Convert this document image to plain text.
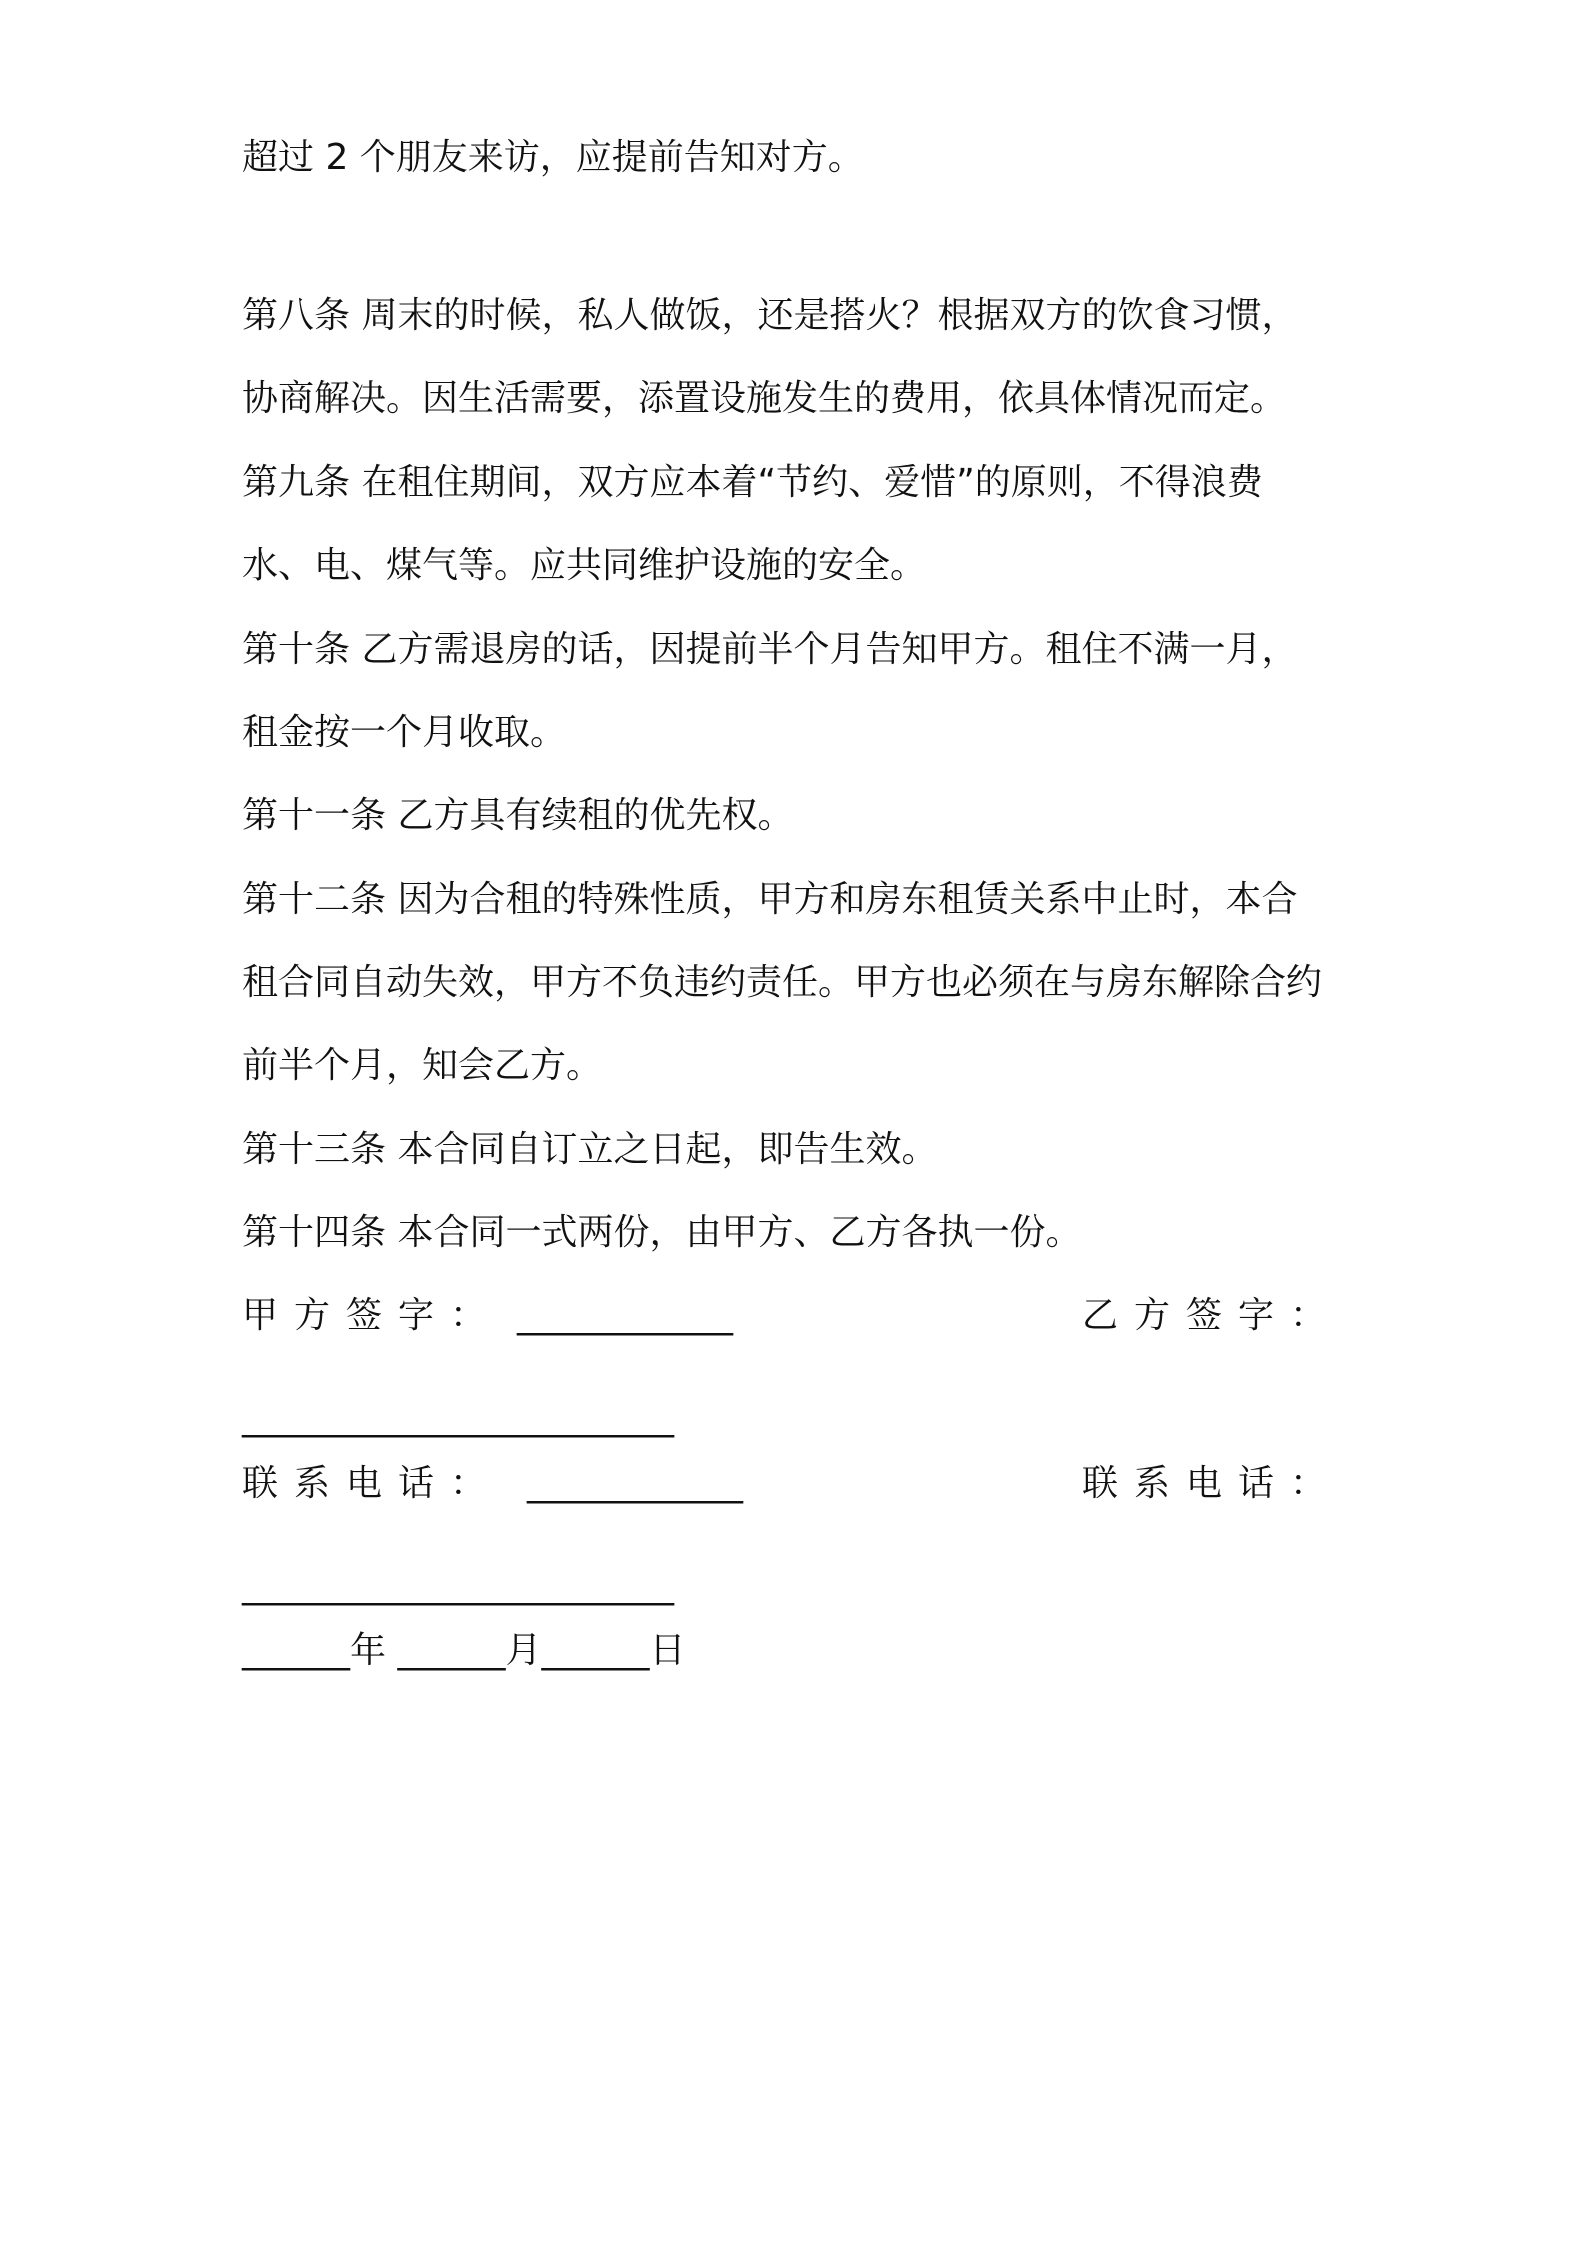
超过 2 个朋友来访，应提前告知对方。
第八条 周末的时候，私人做饭，还是搭火？根据双方的饮食习惯，
协商解决。因生活需要，添置设施发生的费用，依具体情况而定。
第九条 在租住期间，双方应本着“节约、爱惜”的原则，不得浪费
水、电、煤气等。应共同维护设施的安全。
第十条 乙方需退房的话，因提前半个月告知甲方。租住不满一月，
租金按一个月收取。
第十一条 乙方具有续租的优先权。
第十二条 因为合租的特殊性质，甲方和房东租赁关系中止时，本合
租合同自动失效，甲方不负违约责任。甲方也必须在与房东解除合约
前半个月，知会乙方。
第十三条 本合同自订立之日起，即告生效。
第十四条 本合同一式两份，由甲方、乙方各执一份。
甲方签字： ____________	乙方签字：
________________________
联系电话： ____________	联系电话：
________________________
______年 ______月______日
